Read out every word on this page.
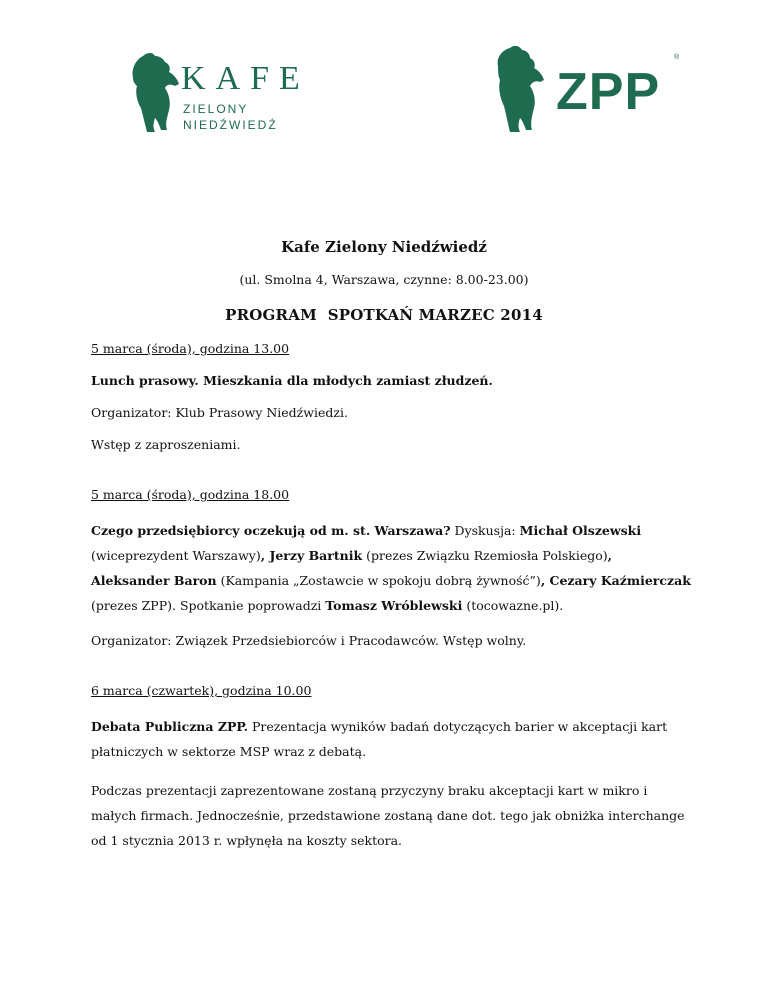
KAFE
ZIELONY
NIEDŹWIEDŹ
ZPP
®
Kafe Zielony Niedźwiedź
(ul. Smolna 4, Warszawa, czynne: 8.00-23.00)
PROGRAM  SPOTKAŃ MARZEC 2014
5 marca (środa), godzina 13.00
Lunch prasowy. Mieszkania dla młodych zamiast złudzeń.
Organizator: Klub Prasowy Niedźwiedzi.
Wstęp z zaproszeniami.
5 marca (środa), godzina 18.00
Czego przedsiębiorcy oczekują od m. st. Warszawa? Dyskusja: Michał Olszewski (wiceprezydent Warszawy), Jerzy Bartnik (prezes Związku Rzemiosła Polskiego), Aleksander Baron (Kampania „Zostawcie w spokoju dobrą żywność”), Cezary Kaźmierczak (prezes ZPP). Spotkanie poprowadzi Tomasz Wróblewski (tocowazne.pl).
Organizator: Związek Przedsiebiorców i Pracodawców. Wstęp wolny.
6 marca (czwartek), godzina 10.00
Debata Publiczna ZPP. Prezentacja wyników badań dotyczących barier w akceptacji kart płatniczych w sektorze MSP wraz z debatą.
Podczas prezentacji zaprezentowane zostaną przyczyny braku akceptacji kart w mikro i małych firmach. Jednocześnie, przedstawione zostaną dane dot. tego jak obniżka interchange od 1 stycznia 2013 r. wpłynęła na koszty sektora.
